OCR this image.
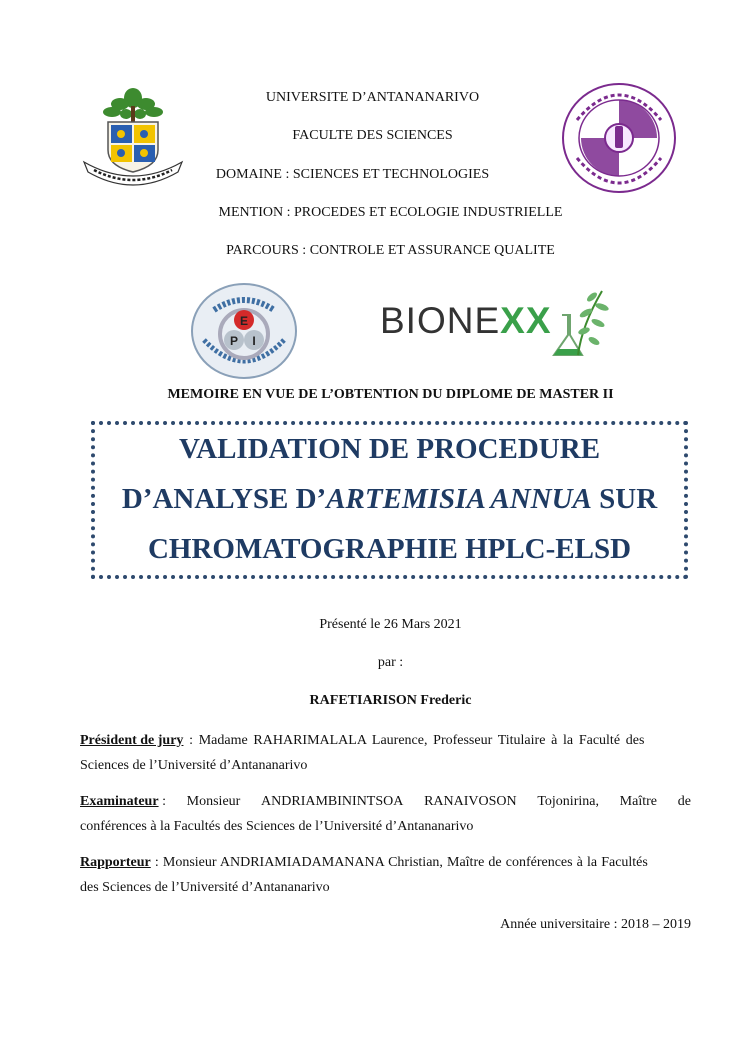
UNIVERSITE D’ANTANANARIVO
FACULTE DES SCIENCES
DOMAINE : SCIENCES ET TECHNOLOGIES
MENTION : PROCEDES ET ECOLOGIE INDUSTRIELLE
PARCOURS : CONTROLE ET ASSURANCE QUALITE
E
P I	BIONEXX
MEMOIRE EN VUE DE L’OBTENTION DU DIPLOME DE MASTER II
VALIDATION DE PROCEDURE
D’ANALYSE D’ARTEMISIA ANNUA SUR
CHROMATOGRAPHIE HPLC-ELSD
Présenté le 26 Mars 2021
par :
RAFETIARISON Frederic
Président de jury : Madame RAHARIMALALA Laurence, Professeur Titulaire à la Faculté des
Sciences de l’Université d’Antananarivo
Examinateur : Monsieur ANDRIAMBININTSOA RANAIVOSON Tojonirina, Maître de
conférences à la Facultés des Sciences de l’Université d’Antananarivo
Rapporteur : Monsieur ANDRIAMIADAMANANA Christian, Maître de conférences à la Facultés
des Sciences de l’Université d’Antananarivo
Année universitaire : 2018 – 2019
